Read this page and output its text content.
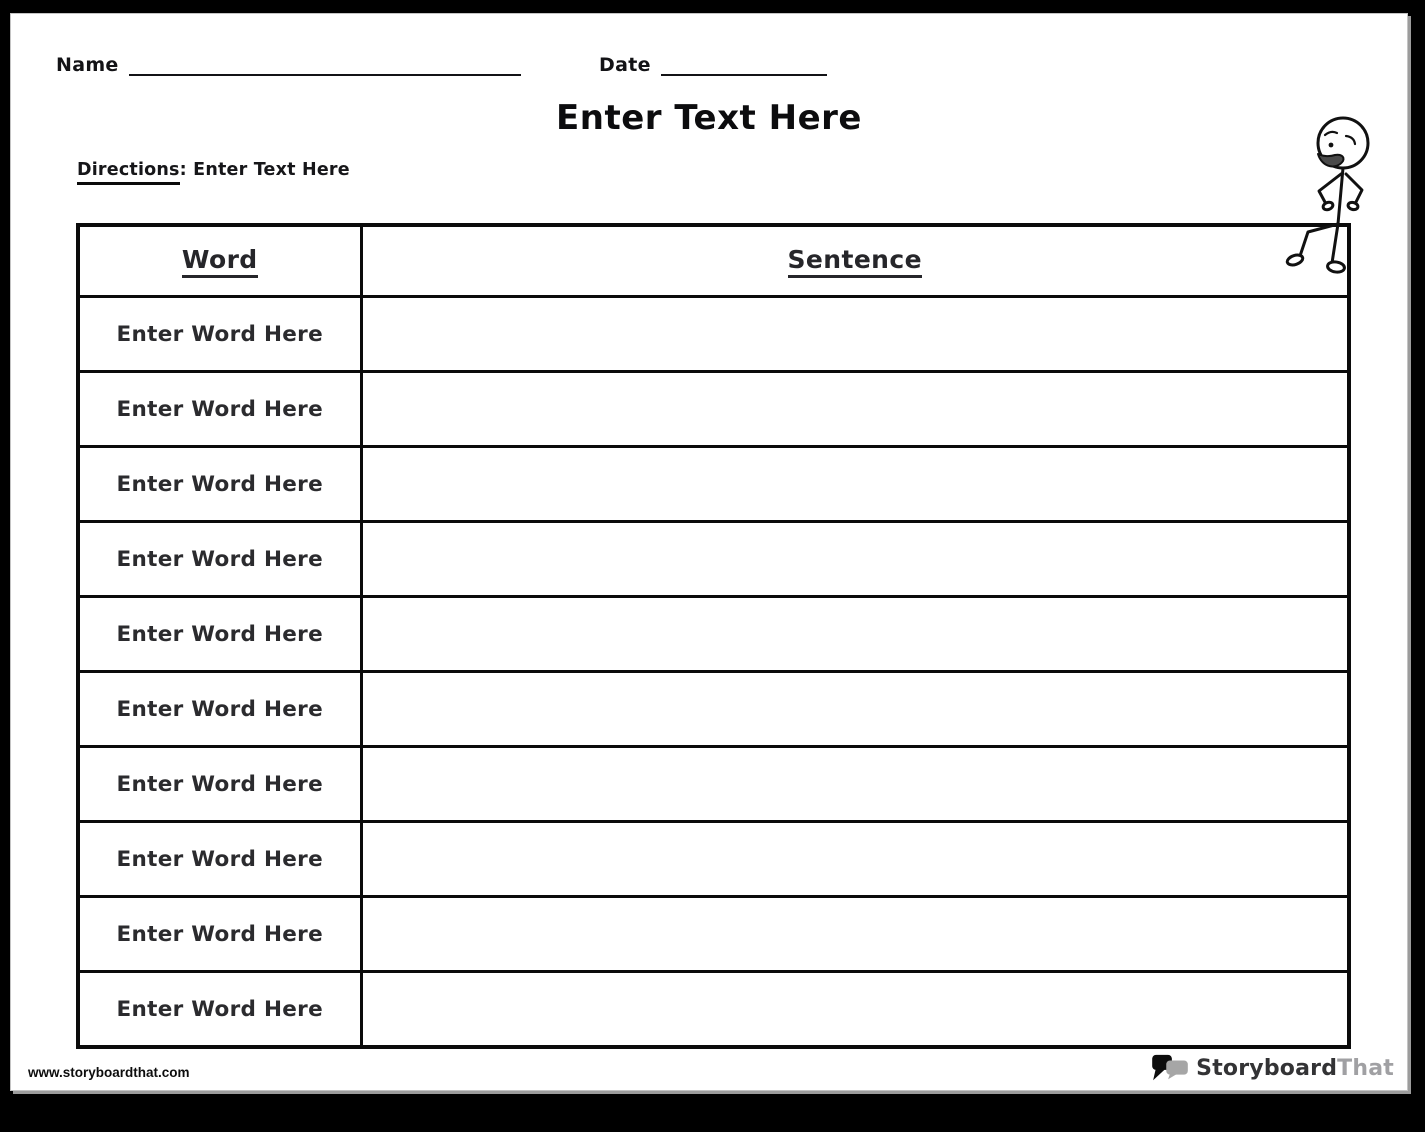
Name	Date
Enter Text Here
Directions: Enter Text Here
Word	Sentence
Enter Word Here	
Enter Word Here	
Enter Word Here	
Enter Word Here	
Enter Word Here	
Enter Word Here	
Enter Word Here	
Enter Word Here	
Enter Word Here	
Enter Word Here	
www.storyboardthat.com	StoryboardThat
